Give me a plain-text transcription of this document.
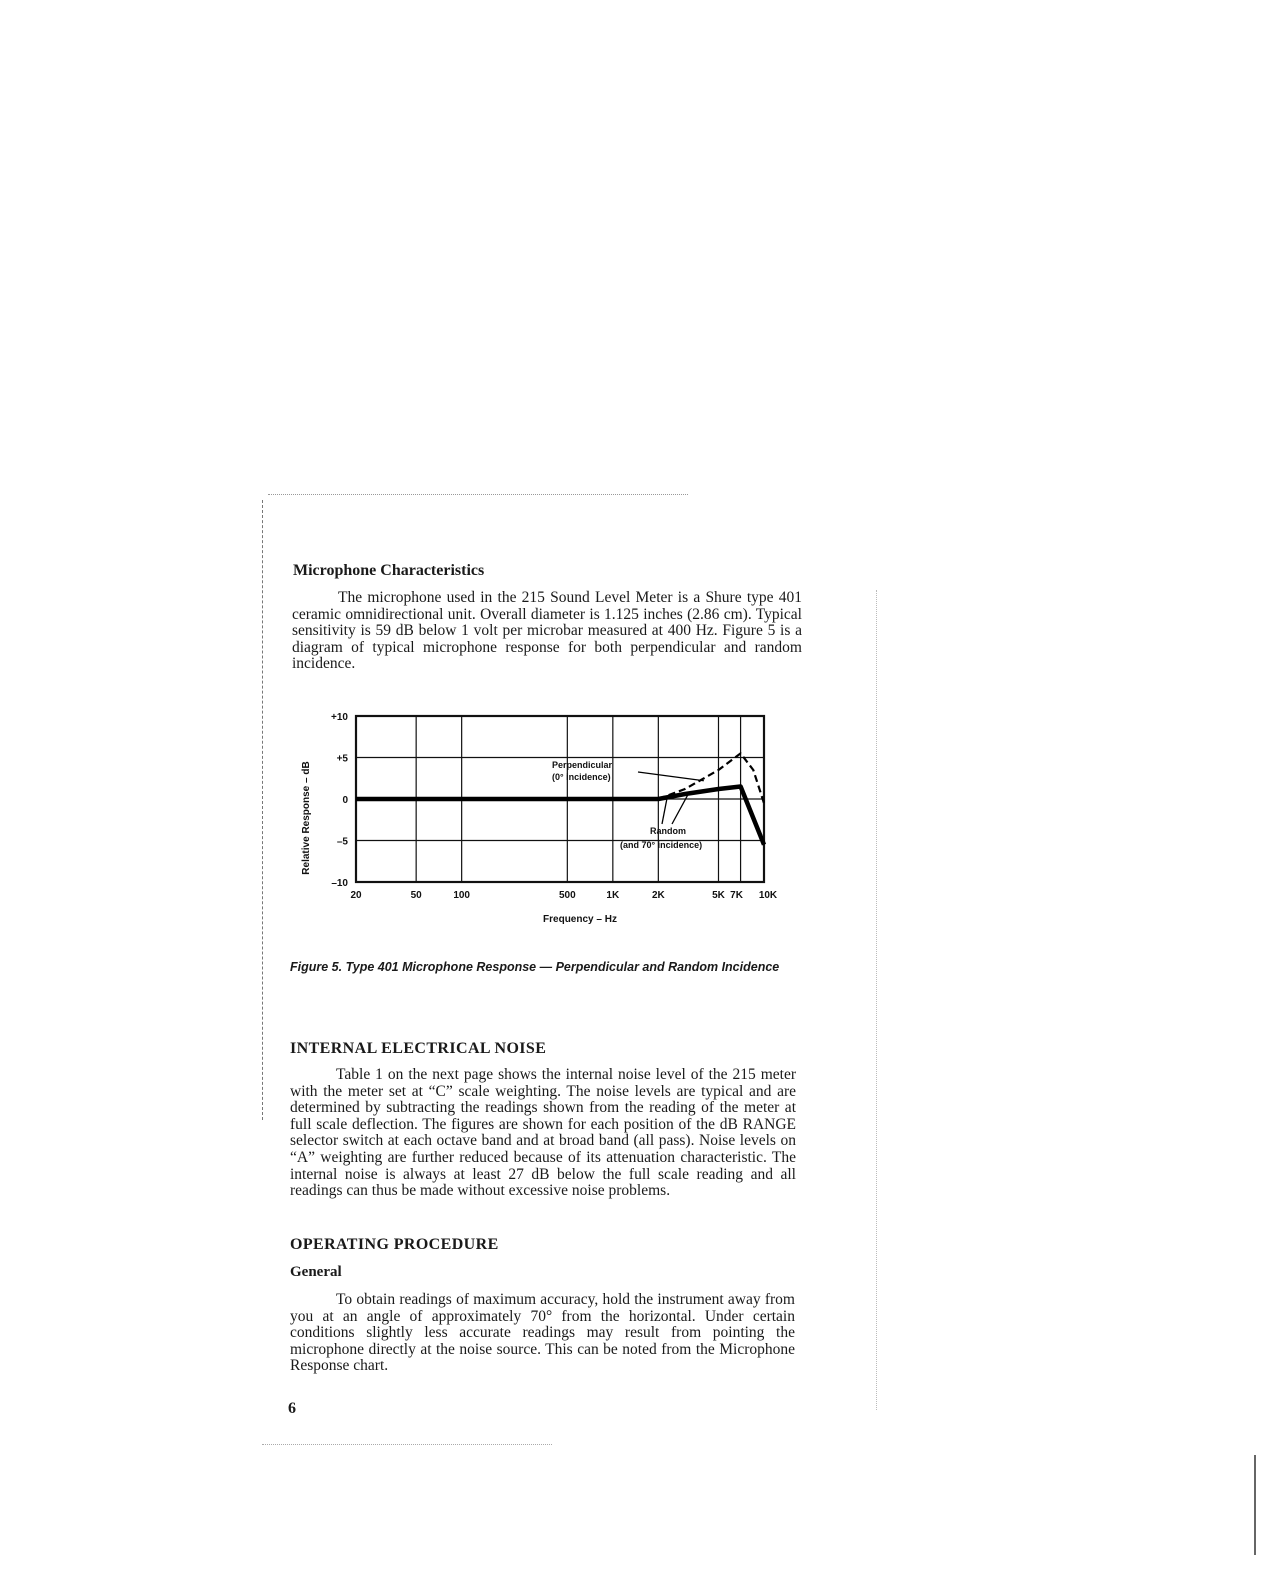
Microphone Characteristics
The microphone used in the 215 Sound Level Meter is a Shure type 401 ceramic omnidirectional unit. Overall diameter is 1.125 inches (2.86 cm). Typical sensitivity is 59 dB below 1 volt per microbar measured at 400 Hz. Figure 5 is a diagram of typical microphone response for both perpendicular and random incidence.
20	50	100	500	1K	2K	5K 7K 10K
+10
+5
0
–5
–10
Perpendicular
(0° incidence)
Random
(and 70° incidence)
Frequency – Hz
Relative Response – dB
Figure 5. Type 401 Microphone Response — Perpendicular and Random Incidence
INTERNAL ELECTRICAL NOISE
Table 1 on the next page shows the internal noise level of the 215 meter with the meter set at “C” scale weighting. The noise levels are typical and are determined by subtracting the readings shown from the reading of the meter at full scale deflection. The figures are shown for each position of the dB RANGE selector switch at each octave band and at broad band (all pass). Noise levels on “A” weighting are further reduced because of its attenuation characteristic. The internal noise is always at least 27 dB below the full scale reading and all readings can thus be made without excessive noise problems.
OPERATING PROCEDURE
General
To obtain readings of maximum accuracy, hold the instrument away from you at an angle of approximately 70° from the horizontal. Under certain conditions slightly less accurate readings may result from pointing the microphone directly at the noise source. This can be noted from the Microphone Response chart.
6
